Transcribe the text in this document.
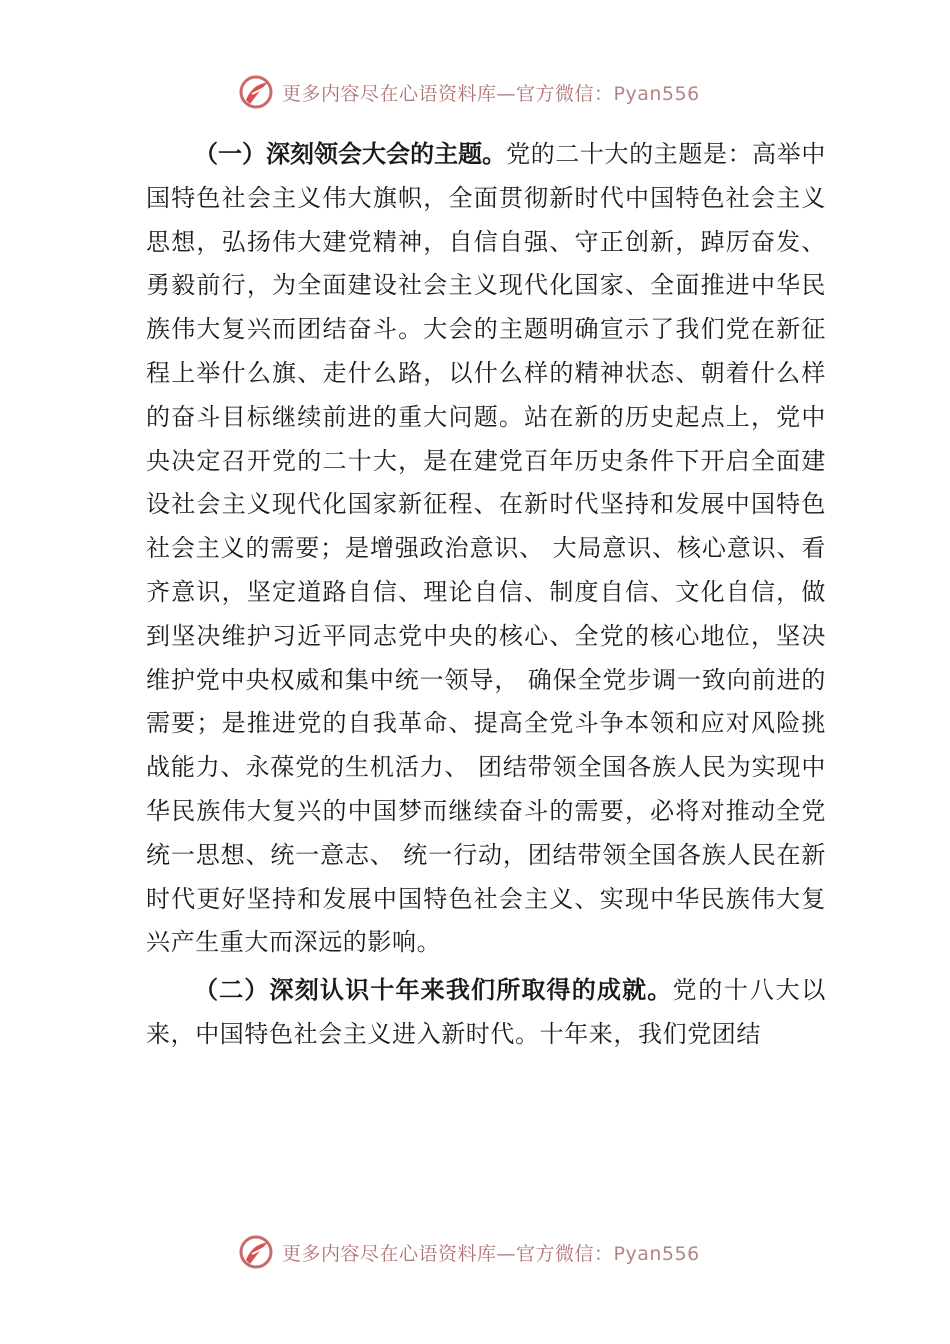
更多内容尽在心语资料库—官方微信：Pyan556

（一）深刻领会大会的主题。党的二十大的主题是：高举中国特色社会主义伟大旗帜，全面贯彻新时代中国特色社会主义思想，弘扬伟大建党精神，自信自强、守正创新，踔厉奋发、勇毅前行，为全面建设社会主义现代化国家、全面推进中华民族伟大复兴而团结奋斗。大会的主题明确宣示了我们党在新征程上举什么旗、走什么路，以什么样的精神状态、朝着什么样的奋斗目标继续前进的重大问题。站在新的历史起点上，党中央决定召开党的二十大，是在建党百年历史条件下开启全面建设社会主义现代化国家新征程、在新时代坚持和发展中国特色社会主义的需要；是增强政治意识、 大局意识、核心意识、看齐意识，坚定道路自信、理论自信、制度自信、文化自信，做到坚决维护习近平同志党中央的核心、全党的核心地位，坚决维护党中央权威和集中统一领导， 确保全党步调一致向前进的需要；是推进党的自我革命、提高全党斗争本领和应对风险挑战能力、永葆党的生机活力、 团结带领全国各族人民为实现中华民族伟大复兴的中国梦而继续奋斗的需要，必将对推动全党统一思想、统一意志、 统一行动，团结带领全国各族人民在新时代更好坚持和发展中国特色社会主义、实现中华民族伟大复兴产生重大而深远的影响。

（二）深刻认识十年来我们所取得的成就。党的十八大以来，中国特色社会主义进入新时代。十年来，我们党团结

更多内容尽在心语资料库—官方微信：Pyan556
